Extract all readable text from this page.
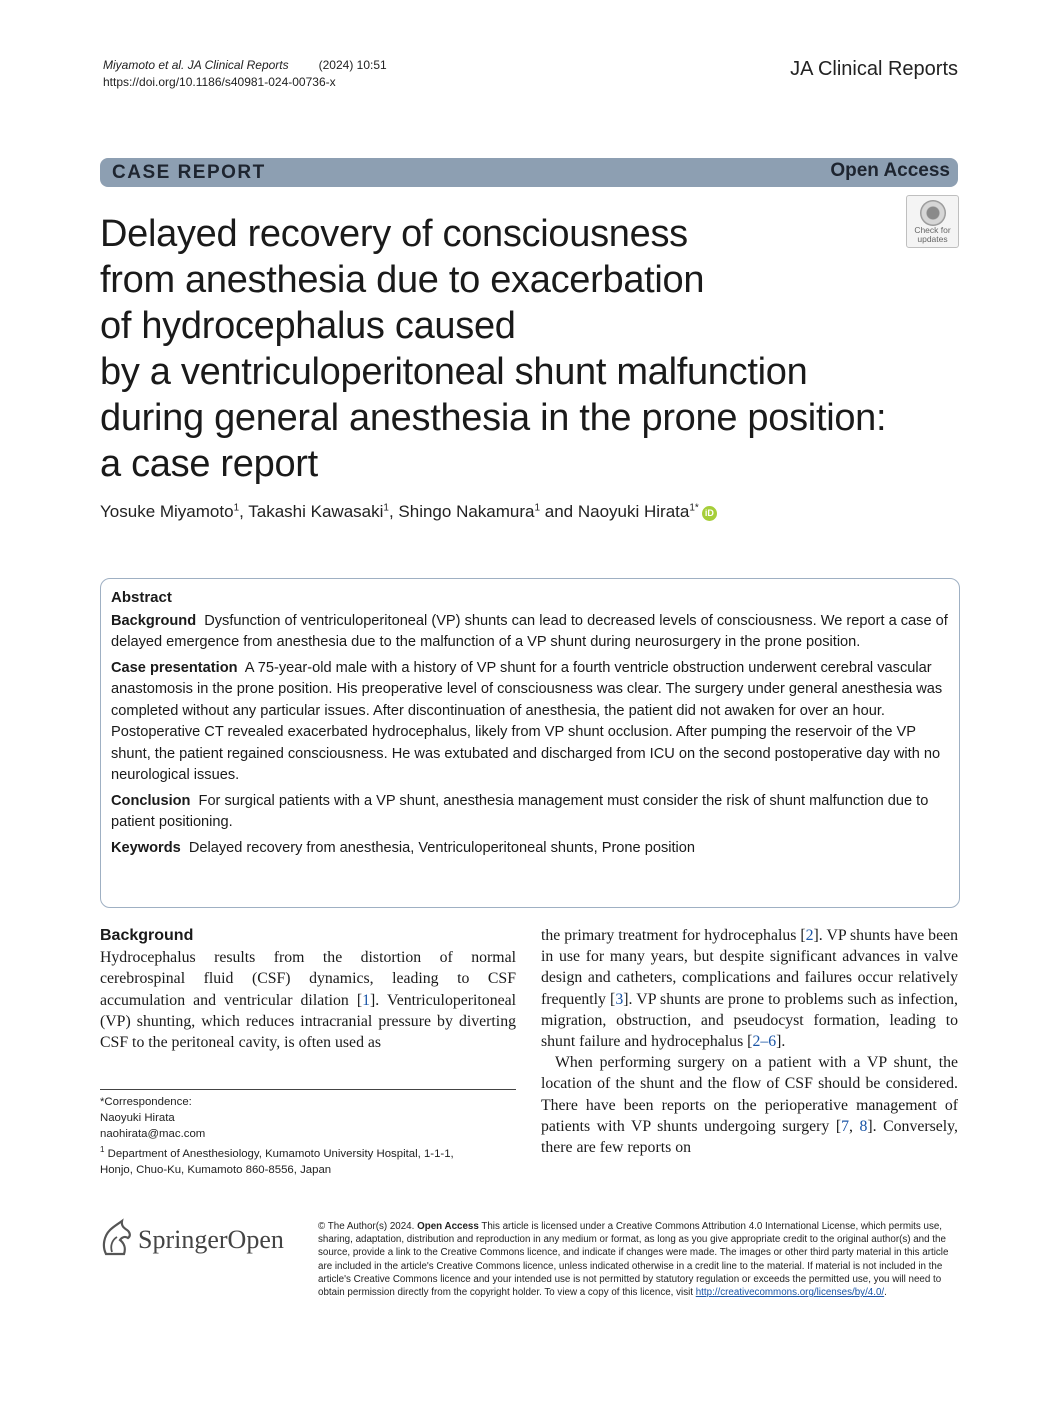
Miyamoto et al. JA Clinical Reports	(2024) 10:51
https://doi.org/10.1186/s40981-024-00736-x
JA Clinical Reports
CASE REPORT	Open Access
Check for
updates
Delayed recovery of consciousness
from anesthesia due to exacerbation
of hydrocephalus caused
by a ventriculoperitoneal shunt malfunction
during general anesthesia in the prone position:
a case report
Yosuke Miyamoto$^1$, Takashi Kawasaki$^1$, Shingo Nakamura$^1$ and Naoyuki Hirata$^{1*}$ iD
Abstract

Background Dysfunction of ventriculoperitoneal (VP) shunts can lead to decreased levels of consciousness. We report a case of delayed emergence from anesthesia due to the malfunction of a VP shunt during neurosurgery in the prone position.

Case presentation A 75-year-old male with a history of VP shunt for a fourth ventricle obstruction underwent cerebral vascular anastomosis in the prone position. His preoperative level of consciousness was clear. The surgery under general anesthesia was completed without any particular issues. After discontinuation of anesthesia, the patient did not awaken for over an hour. Postoperative CT revealed exacerbated hydrocephalus, likely from VP shunt occlusion. After pumping the reservoir of the VP shunt, the patient regained consciousness. He was extubated and discharged from ICU on the second postoperative day with no neurological issues.

Conclusion For surgical patients with a VP shunt, anesthesia management must consider the risk of shunt malfunction due to patient positioning.

Keywords Delayed recovery from anesthesia, Ventriculoperitoneal shunts, Prone position

Background

Hydrocephalus results from the distortion of normal cerebrospinal fluid (CSF) dynamics, leading to CSF accumulation and ventricular dilation [1]. Ventriculoperitoneal (VP) shunting, which reduces intracranial pressure by diverting CSF to the peritoneal cavity, is often used as

the primary treatment for hydrocephalus [2]. VP shunts have been in use for many years, but despite significant advances in valve design and catheters, complications and failures occur relatively frequently [3]. VP shunts are prone to problems such as infection, migration, obstruction, and pseudocyst formation, leading to shunt failure and hydrocephalus [2–6].

When performing surgery on a patient with a VP shunt, the location of the shunt and the flow of CSF should be considered. There have been reports on the perioperative management of patients with VP shunts undergoing surgery [7, 8]. Conversely, there are few reports on

*Correspondence:
Naoyuki Hirata
naohirata@mac.com
$^1$ Department of Anesthesiology, Kumamoto University Hospital, 1-1-1,
Honjo, Chuo-Ku, Kumamoto 860-8556, Japan
SpringerOpen	© The Author(s) 2024. Open Access This article is licensed under a Creative Commons Attribution 4.0 International License, which permits use, sharing, adaptation, distribution and reproduction in any medium or format, as long as you give appropriate credit to the original author(s) and the source, provide a link to the Creative Commons licence, and indicate if changes were made. The images or other third party material in this article are included in the article's Creative Commons licence, unless indicated otherwise in a credit line to the material. If material is not included in the article's Creative Commons licence and your intended use is not permitted by statutory regulation or exceeds the permitted use, you will need to obtain permission directly from the copyright holder. To view a copy of this licence, visit http://creativecommons.org/licenses/by/4.0/.
